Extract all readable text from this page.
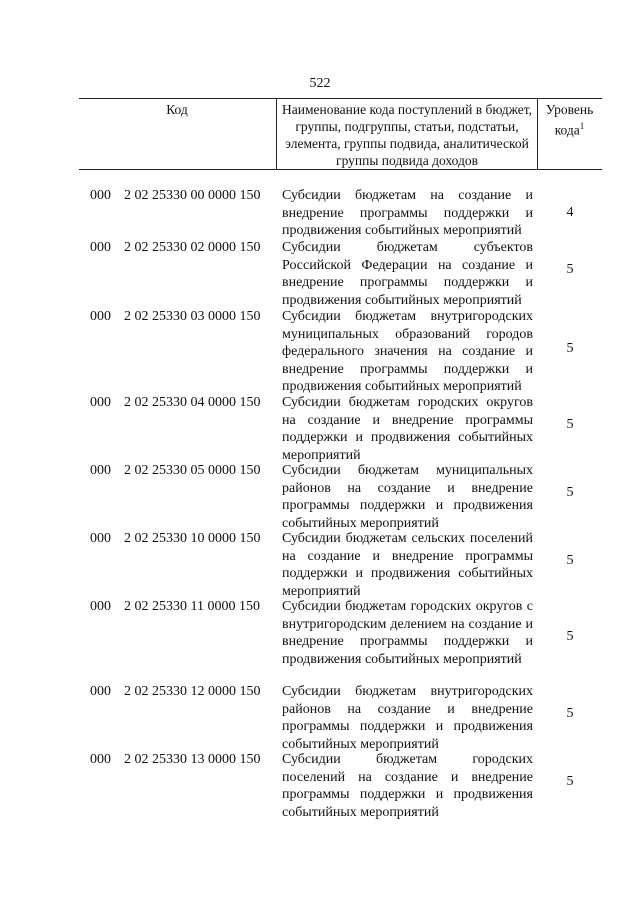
522
Код	Наименование кода поступлений в бюджет, группы, подгруппы, статьи, подстатьи, элемента, группы подвида, аналитической группы подвида доходов
Уровень кода$^1$
000 2 02 25330 00 0000 150 Субсидии бюджетам на создание и внедрение программы поддержки и продвижения событийных мероприятий
4
000 2 02 25330 02 0000 150 Субсидии бюджетам субъектов Российской Федерации на создание и внедрение программы поддержки и продвижения событийных мероприятий
5
000 2 02 25330 03 0000 150 Субсидии бюджетам внутригородских муниципальных образований городов федерального значения на создание и внедрение программы поддержки и продвижения событийных мероприятий
5
000 2 02 25330 04 0000 150 Субсидии бюджетам городских округов на создание и внедрение программы поддержки и продвижения событийных мероприятий
5
000 2 02 25330 05 0000 150 Субсидии бюджетам муниципальных районов на создание и внедрение программы поддержки и продвижения событийных мероприятий
5
000 2 02 25330 10 0000 150 Субсидии бюджетам сельских поселений на создание и внедрение программы поддержки и продвижения событийных мероприятий
5
000 2 02 25330 11 0000 150 Субсидии бюджетам городских округов с внутригородским делением на создание и внедрение программы поддержки и продвижения событийных мероприятий
5
000 2 02 25330 12 0000 150 Субсидии бюджетам внутригородских районов на создание и внедрение программы поддержки и продвижения событийных мероприятий
5
000 2 02 25330 13 0000 150 Субсидии бюджетам городских поселений на создание и внедрение программы поддержки и продвижения событийных мероприятий
5
